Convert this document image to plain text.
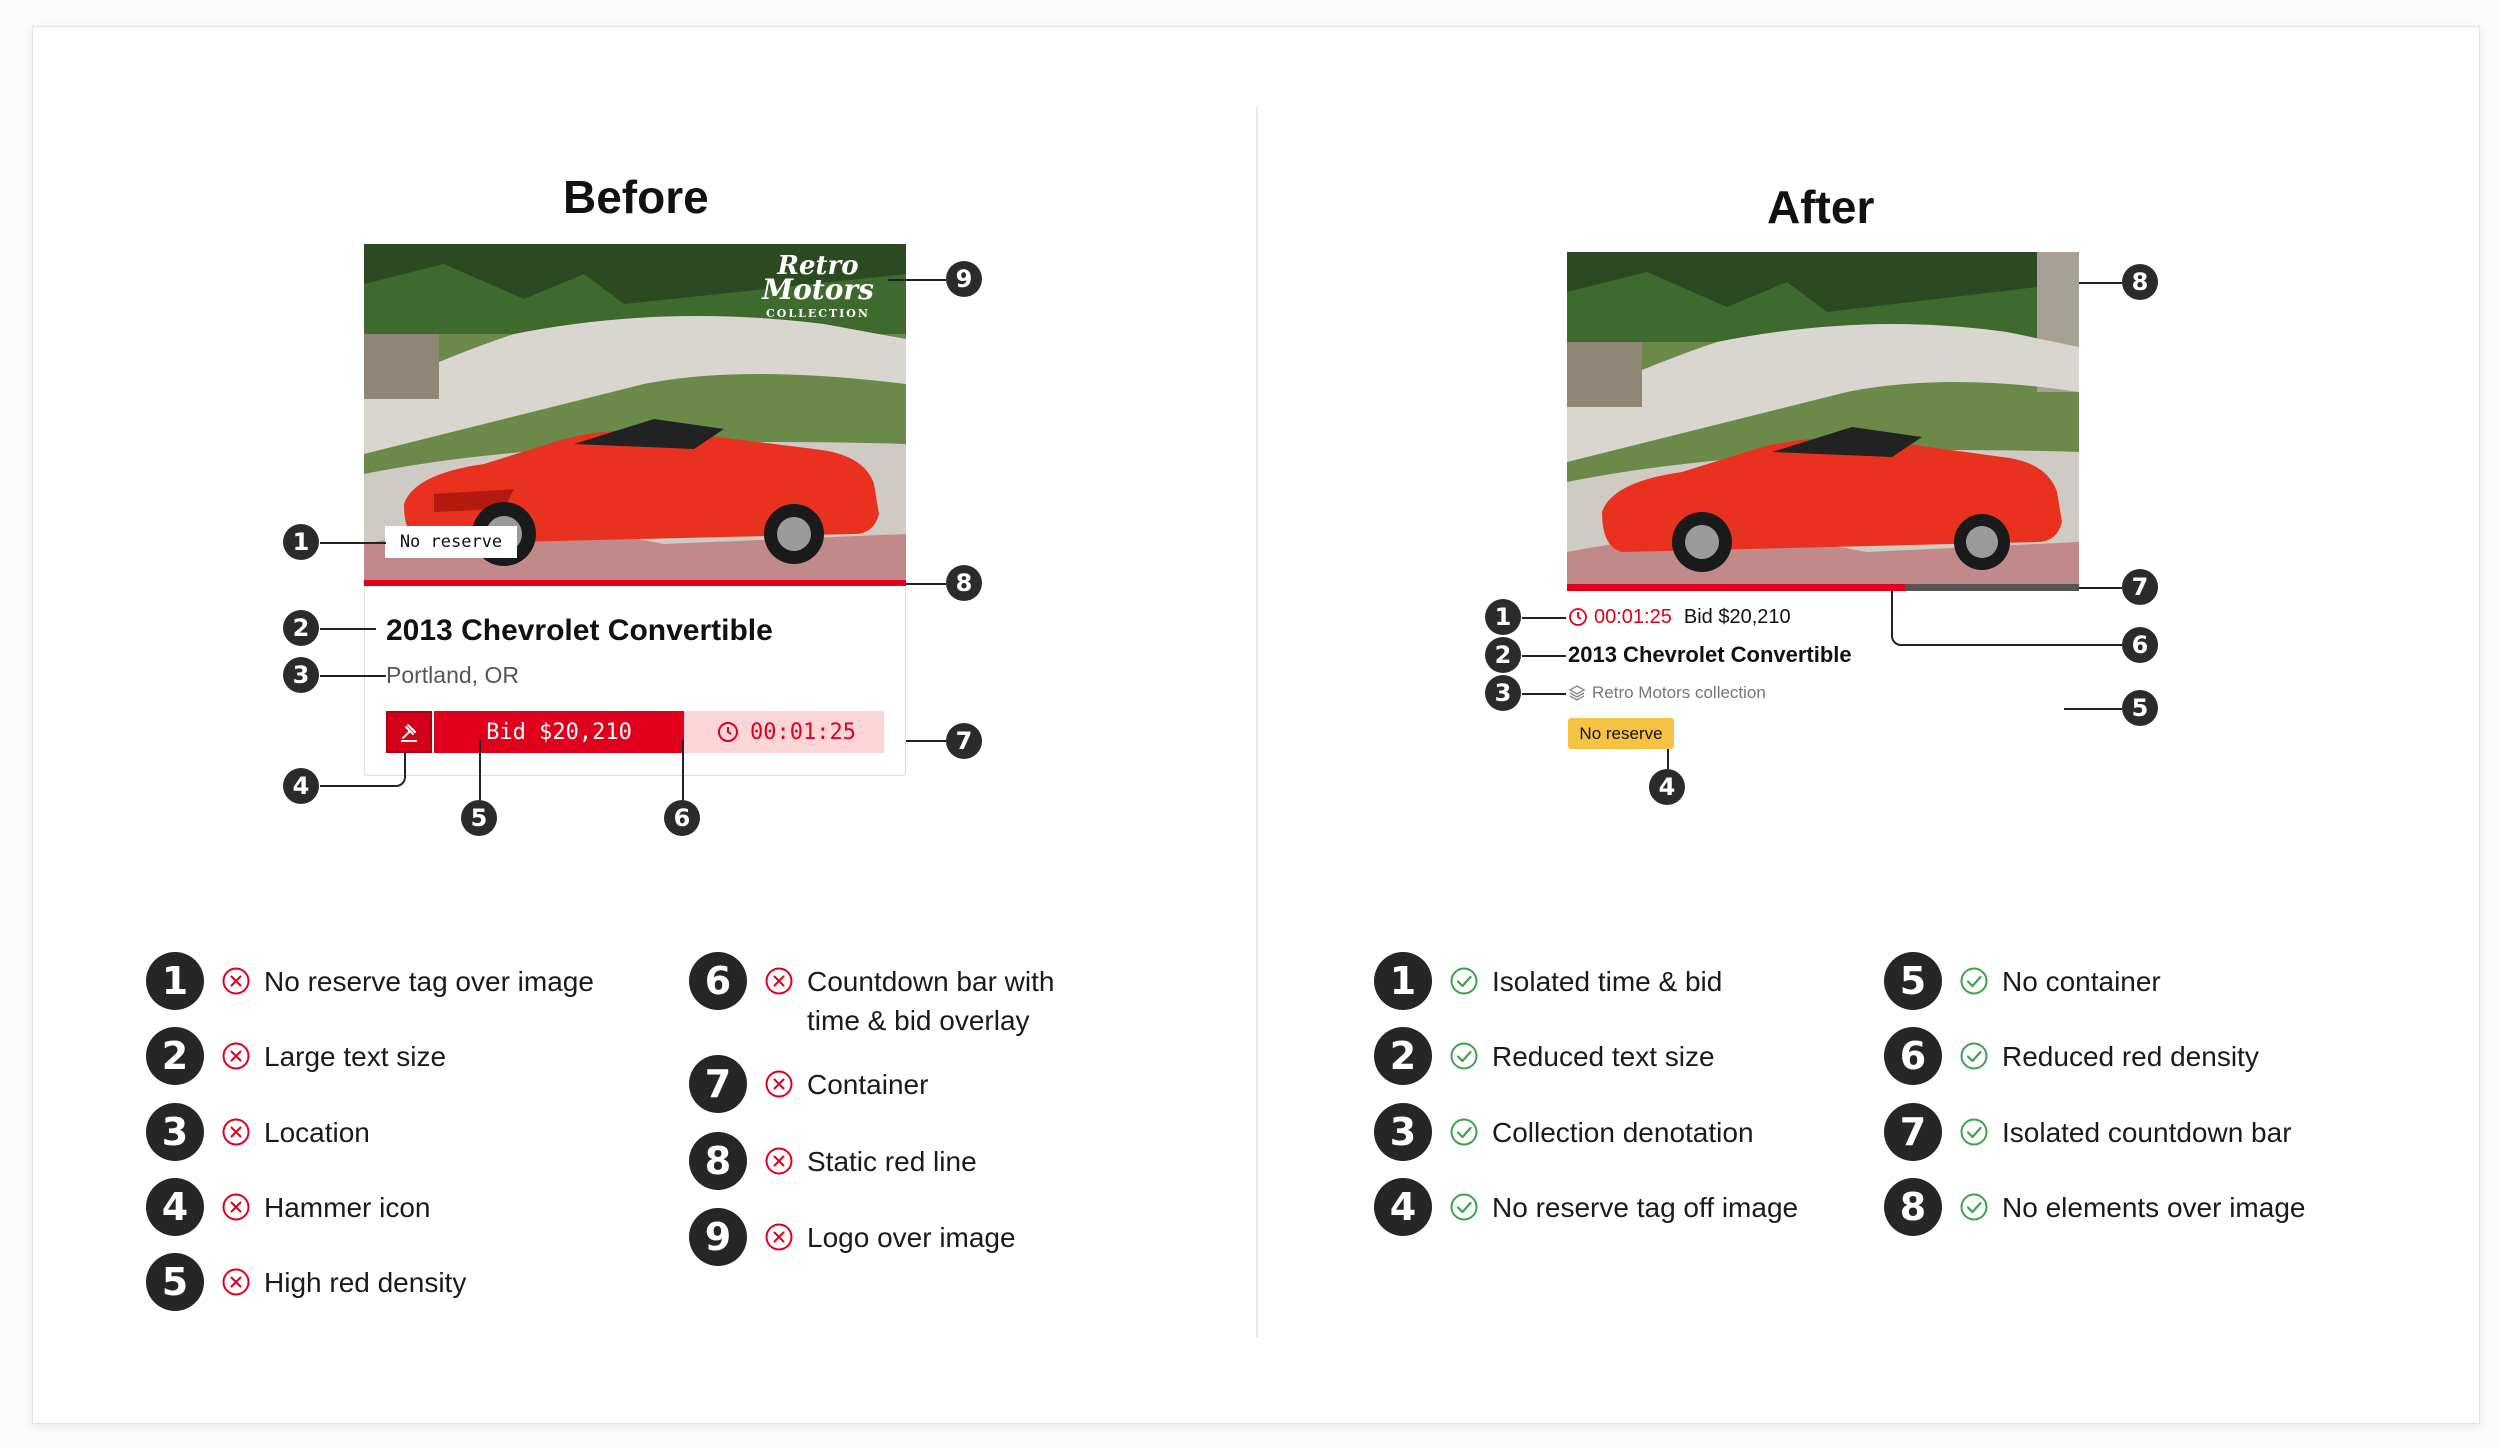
Before
Retro
Motors
COLLECTION
No reserve
2013 Chevrolet Convertible
Portland, OR
Bid $20,210	00:01:25
1
2
3
4
5	6
7
8
9
1	No reserve tag over image
2	Large text size
3	Location
4	Hammer icon
5	High red density
6	Countdown bar with time & bid overlay
7	Container
8	Static red line
9	Logo over image
After
00:01:25 Bid $20,210
2013 Chevrolet Convertible
Retro Motors collection
No reserve
1
2
3
4
5
6
7
8
1	Isolated time & bid
2	Reduced text size
3	Collection denotation
4	No reserve tag off image
5	No container
6	Reduced red density
7	Isolated countdown bar
8	No elements over image
